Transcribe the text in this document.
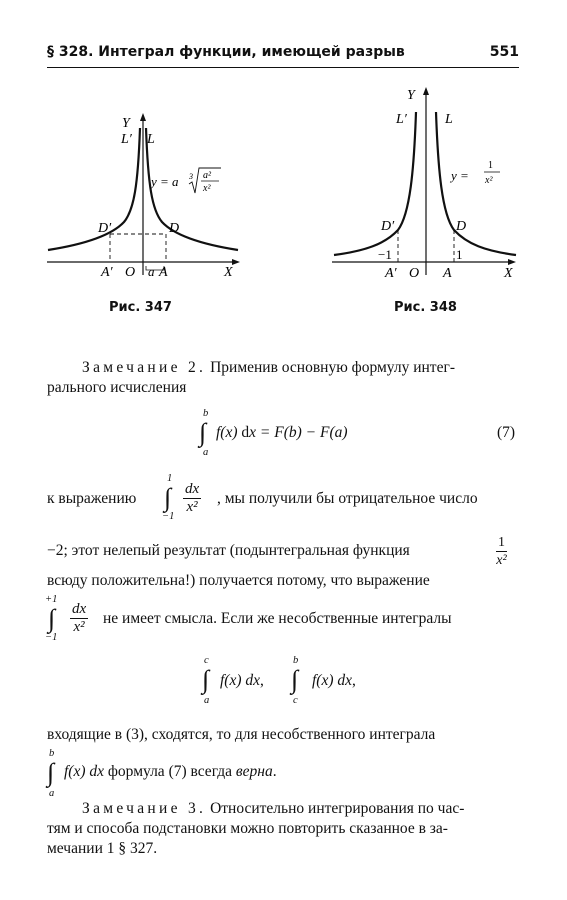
§ 328. Интеграл функции, имеющей разрыв	551
Y
X
L′ L
D′	D
A′ O a A
y = a 3 a²
x²
Рис. 347
Y
X
L′	L
D′	D
−1	1
A′ O A
y =
1
x²
Рис. 348
Замечание 2. Применив основную формулу интег-
рального исчисления
b
∫
a
f(x) dx = F(b) − F(a)	(7)
к выражению
1
∫
−1
$\frac{dx}{\text{x²}}$ , мы получили бы отрицательное число
−2; этот нелепый результат (подынтегральная функция	$\frac{1}{\text{x²}}$
всюду положительна!) получается потому, что выражение
+1
∫
−1
$\frac{dx}{\text{x²}}$ не имеет смысла. Если же несобственные интегралы
c
∫
a
f(x) dx,
b
∫
c
f(x) dx,
входящие в (3), сходятся, то для несобственного интеграла
b
∫
a
f(x) dx формула (7) всегда верна.
Замечание 3. Относительно интегрирования по час-
тям и способа подстановки можно повторить сказанное в за-
мечании 1 § 327.
